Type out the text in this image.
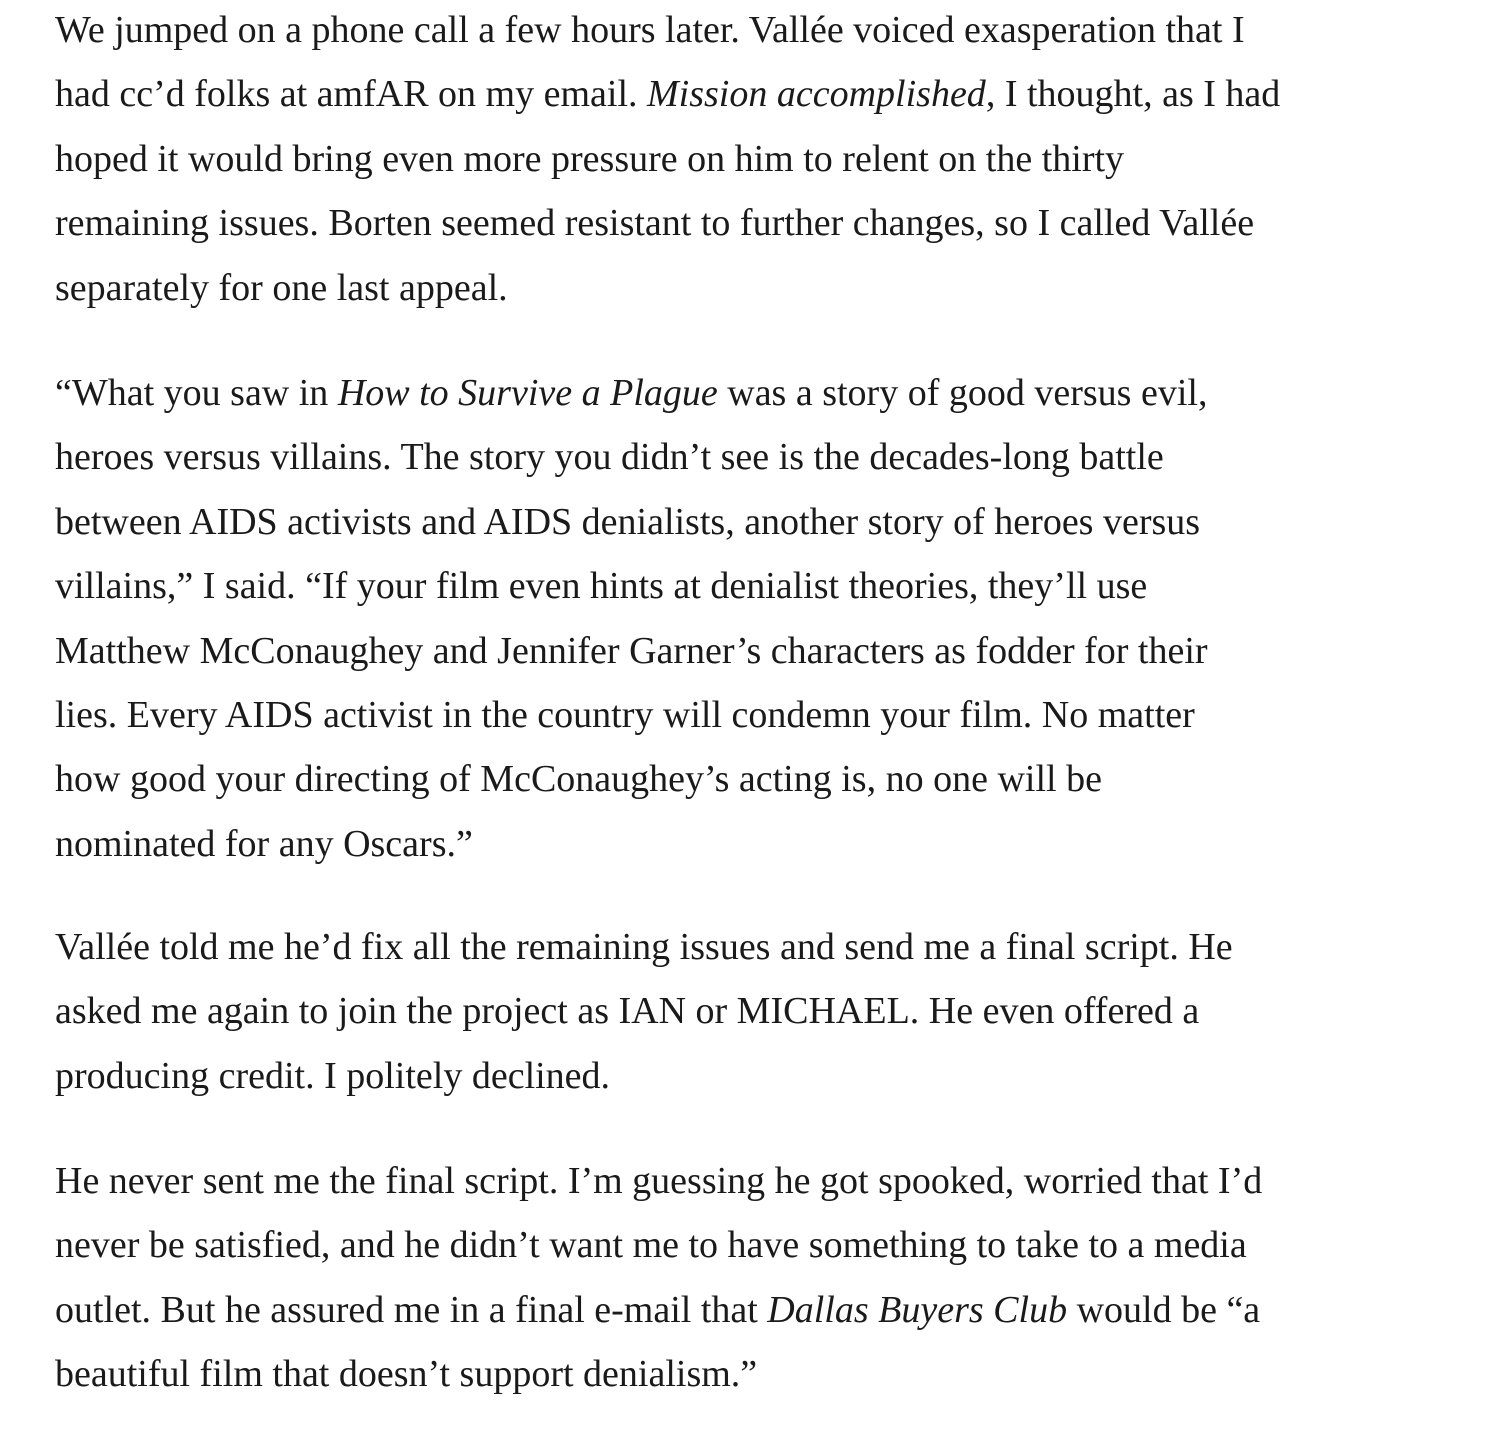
We jumped on a phone call a few hours later. Vallée voiced exasperation that I
had cc’d folks at amfAR on my email. Mission accomplished, I thought, as I had
hoped it would bring even more pressure on him to relent on the thirty
remaining issues. Borten seemed resistant to further changes, so I called Vallée
separately for one last appeal.
“What you saw in How to Survive a Plague was a story of good versus evil,
heroes versus villains. The story you didn’t see is the decades-long battle
between AIDS activists and AIDS denialists, another story of heroes versus
villains,” I said. “If your film even hints at denialist theories, they’ll use
Matthew McConaughey and Jennifer Garner’s characters as fodder for their
lies. Every AIDS activist in the country will condemn your film. No matter
how good your directing of McConaughey’s acting is, no one will be
nominated for any Oscars.”
Vallée told me he’d fix all the remaining issues and send me a final script. He
asked me again to join the project as IAN or MICHAEL. He even offered a
producing credit. I politely declined.
He never sent me the final script. I’m guessing he got spooked, worried that I’d
never be satisfied, and he didn’t want me to have something to take to a media
outlet. But he assured me in a final e-mail that Dallas Buyers Club would be “a
beautiful film that doesn’t support denialism.”
